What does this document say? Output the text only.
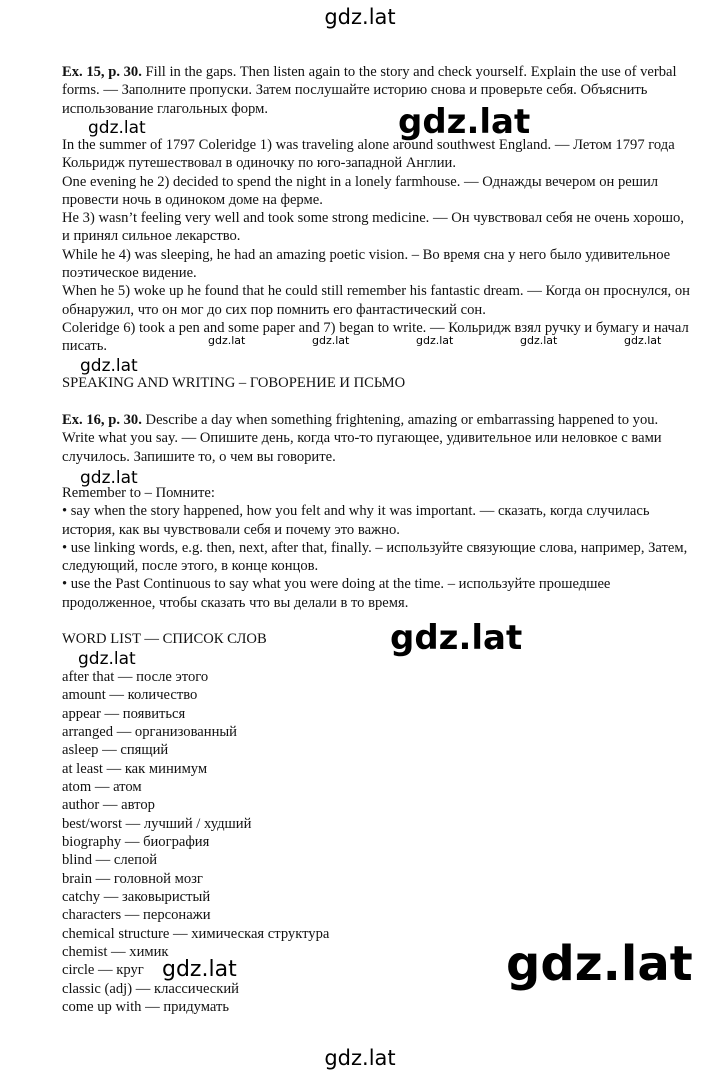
gdz.lat

Ex. 15, p. 30. Fill in the gaps. Then listen again to the story and check yourself. Explain the use of verbal forms. — Заполните пропуски. Затем послушайте историю снова и проверьте себя. Объяснить использование глагольных форм.

gdz.lat	gdz.lat

In the summer of 1797 Coleridge 1) was traveling alone around southwest England. — Летом 1797 года Кольридж путешествовал в одиночку по юго-западной Англии.

One evening he 2) decided to spend the night in a lonely farmhouse. — Однажды вечером он решил провести ночь в одиноком доме на ферме.

He 3) wasn’t feeling very well and took some strong medicine. — Он чувствовал себя не очень хорошо, и принял сильное лекарство.

While he 4) was sleeping, he had an amazing poetic vision. – Во время сна у него было удивительное поэтическое видение.

When he 5) woke up he found that he could still remember his fantastic dream. — Когда он проснулся, он обнаружил, что он мог до сих пор помнить его фантастический сон.

Coleridge 6) took a pen and some paper and 7) began to write. — Кольридж взял ручку и бумагу и начал писать.	gdz.lat	gdz.lat	gdz.lat	gdz.lat	gdz.lat
gdz.lat
SPEAKING AND WRITING – ГОВОРЕНИЕ И ПСЬМО

Ex. 16, p. 30. Describe a day when something frightening, amazing or embarrassing happened to you. Write what you say. — Опишите день, когда что-то пугающее, удивительное или неловкое с вами случилось. Запишите то, о чем вы говорите.

gdz.lat

Remember to – Помните:

• say when the story happened, how you felt and why it was important. — сказать, когда случилась история, как вы чувствовали себя и почему это важно.

• use linking words, e.g. then, next, after that, finally. – используйте связующие слова, например, Затем, следующий, после этого, в конце концов.

• use the Past Continuous to say what you were doing at the time. – используйте прошедшее продолженное, чтобы сказать что вы делали в то время.

WORD LIST — СПИСОК СЛОВ	gdz.lat
gdz.lat
after that — после этого
amount — количество
appear — появиться
arranged — организованный
asleep — спящий
at least — как минимум
atom — атом
author — автор
best/worst — лучший / худший
biography — биография
blind — слепой
brain — головной мозг
catchy — заковыристый
characters — персонажи
chemical structure — химическая структура
chemist — химик
circle — круг
classic (adj) — классический
come up with — придумать
gdz.lat
gdz.lat
gdz.lat
